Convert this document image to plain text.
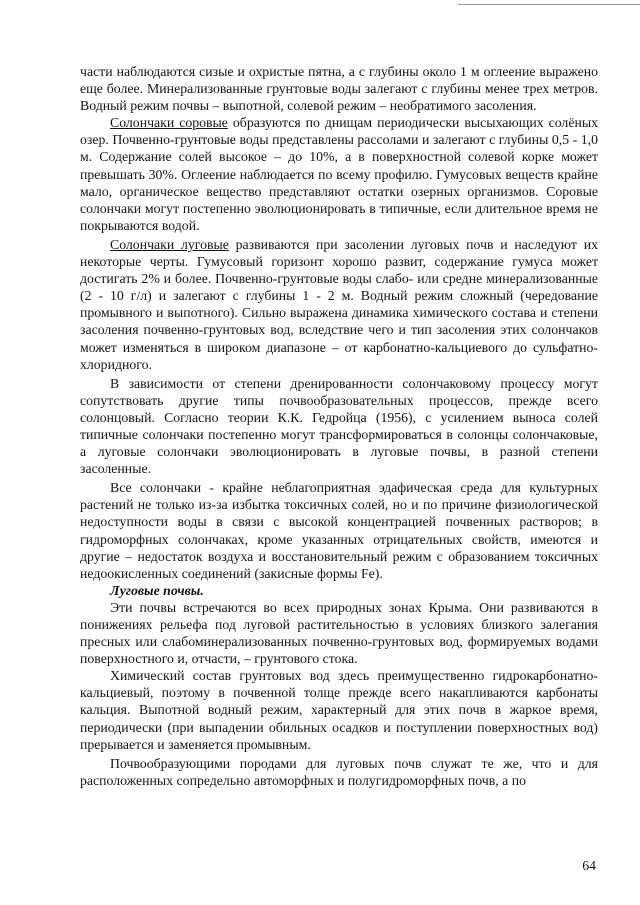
части наблюдаются сизые и охристые пятна, а с глубины около 1 м оглеение выражено еще более. Минерализованные грунтовые воды залегают с глубины менее трех метров. Водный режим почвы – выпотной, солевой режим – необратимого засоления.

Солончаки соровые образуются по днищам периодически высыхающих солёных озер. Почвенно-грунтовые воды представлены рассолами и залегают с глубины 0,5 - 1,0 м. Содержание солей высокое – до 10%, а в поверхностной солевой корке может превышать 30%. Оглеение наблюдается по всему профилю. Гумусовых веществ крайне мало, органическое вещество представляют остатки озерных организмов. Соровые солончаки могут постепенно эволюционировать в типичные, если длительное время не покрываются водой.

Солончаки луговые развиваются при засолении луговых почв и наследуют их некоторые черты. Гумусовый горизонт хорошо развит, содержание гумуса может достигать 2% и более. Почвенно-грунтовые воды слабо- или средне минерализованные (2 - 10 г/л) и залегают с глубины 1 - 2 м. Водный режим сложный (чередование промывного и выпотного). Сильно выражена динамика химического состава и степени засоления почвенно-грунтовых вод, вследствие чего и тип засоления этих солончаков может изменяться в широком диапазоне – от карбонатно-кальциевого до сульфатно-хлоридного.

В зависимости от степени дренированности солончаковому процессу могут сопутствовать другие типы почвообразовательных процессов, прежде всего солонцовый. Согласно теории К.К. Гедройца (1956), с усилением выноса солей типичные солончаки постепенно могут трансформироваться в солонцы солончаковые, а луговые солончаки эволюционировать в луговые почвы, в разной степени засоленные.

Все солончаки - крайне неблагоприятная эдафическая среда для культурных растений не только из-за избытка токсичных солей, но и по причине физиологической недоступности воды в связи с высокой концентрацией почвенных растворов; в гидроморфных солончаках, кроме указанных отрицательных свойств, имеются и другие – недостаток воздуха и восстановительный режим с образованием токсичных недоокисленных соединений (закисные формы Fe).

Луговые почвы.

Эти почвы встречаются во всех природных зонах Крыма. Они развиваются в понижениях рельефа под луговой растительностью в условиях близкого залегания пресных или слабоминерализованных почвенно-грунтовых вод, формируемых водами поверхностного и, отчасти, – грунтового стока.

Химический состав грунтовых вод здесь преимущественно гидрокарбонатно-кальциевый, поэтому в почвенной толще прежде всего накапливаются карбонаты кальция. Выпотной водный режим, характерный для этих почв в жаркое время, периодически (при выпадении обильных осадков и поступлении поверхностных вод) прерывается и заменяется промывным.

Почвообразующими породами для луговых почв служат те же, что и для расположенных сопредельно автоморфных и полугидроморфных почв, а по

64
